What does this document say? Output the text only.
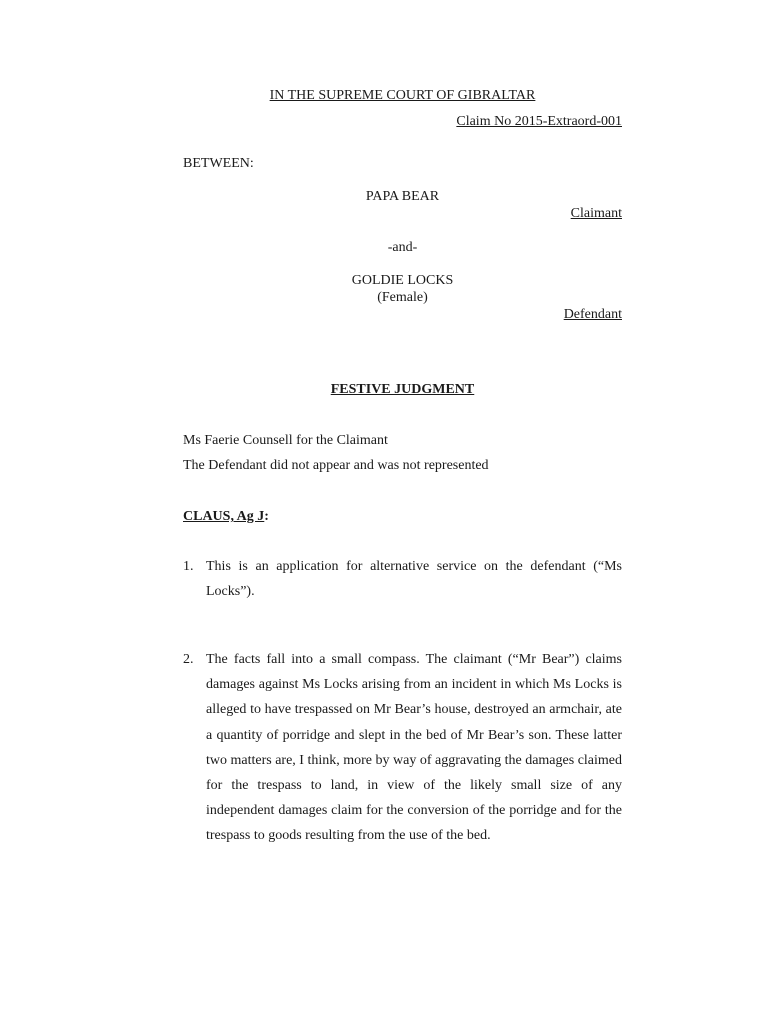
IN THE SUPREME COURT OF GIBRALTAR
Claim No 2015-Extraord-001
BETWEEN:
PAPA BEAR
Claimant
-and-
GOLDIE LOCKS
(Female)
Defendant
FESTIVE JUDGMENT
Ms Faerie Counsell for the Claimant
The Defendant did not appear and was not represented
CLAUS, Ag J:
1. This is an application for alternative service on the defendant (“Ms Locks”).
2. The facts fall into a small compass. The claimant (“Mr Bear”) claims damages against Ms Locks arising from an incident in which Ms Locks is alleged to have trespassed on Mr Bear’s house, destroyed an armchair, ate a quantity of porridge and slept in the bed of Mr Bear’s son. These latter two matters are, I think, more by way of aggravating the damages claimed for the trespass to land, in view of the likely small size of any independent damages claim for the conversion of the porridge and for the trespass to goods resulting from the use of the bed.
